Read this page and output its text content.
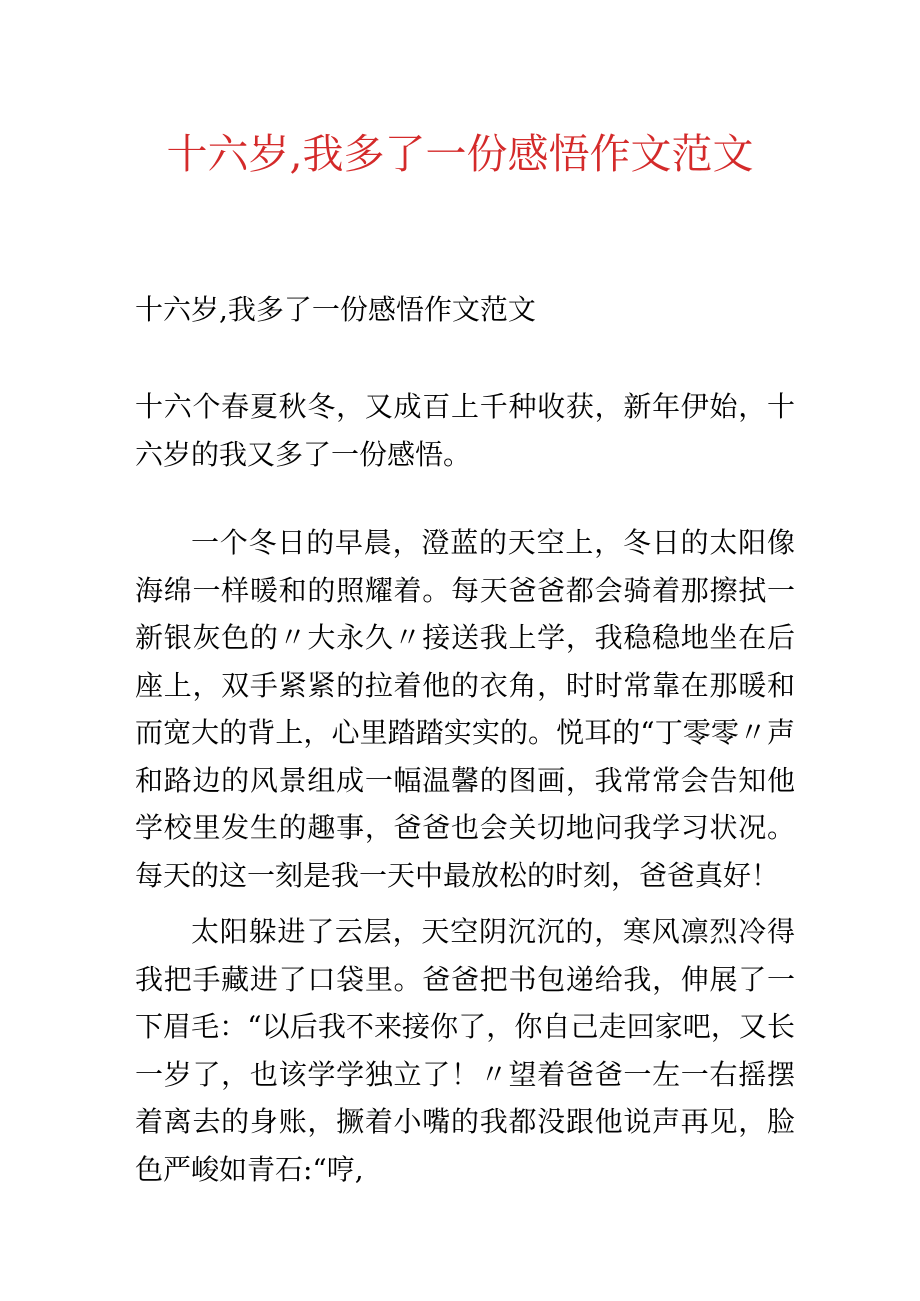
十六岁,我多了一份感悟作文范文
十六岁,我多了一份感悟作文范文

十六个春夏秋冬，又成百上千种收获，新年伊始，十六岁的我又多了一份感悟。

一个冬日的早晨，澄蓝的天空上，冬日的太阳像海绵一样暖和的照耀着。每天爸爸都会骑着那擦拭一新银灰色的〃大永久〃接送我上学，我稳稳地坐在后座上，双手紧紧的拉着他的衣角，时时常靠在那暖和而宽大的背上，心里踏踏实实的。悦耳的“丁零零〃声和路边的风景组成一幅温馨的图画，我常常会告知他学校里发生的趣事，爸爸也会关切地问我学习状况。每天的这一刻是我一天中最放松的时刻，爸爸真好！

太阳躲进了云层，天空阴沉沉的，寒风凛烈冷得我把手藏进了口袋里。爸爸把书包递给我，伸展了一下眉毛：“以后我不来接你了，你自己走回家吧，又长一岁了，也该学学独立了！〃望着爸爸一左一右摇摆着离去的身账，撅着小嘴的我都没跟他说声再见，脸色严峻如青石:“哼,
